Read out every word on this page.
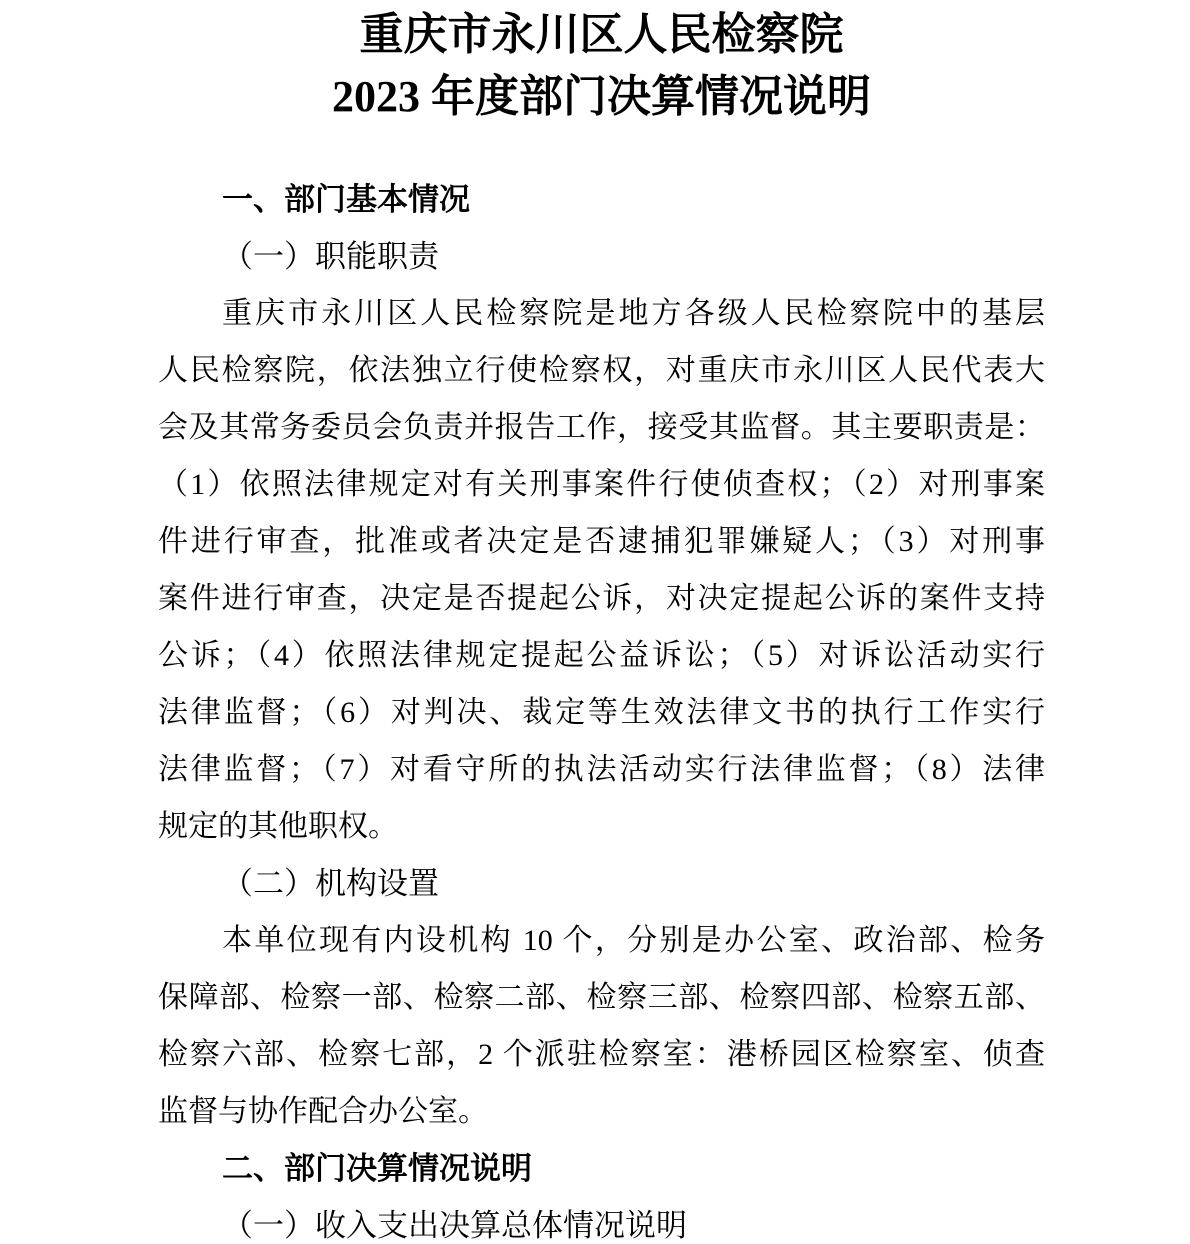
重庆市永川区人民检察院
2023 年度部门决算情况说明
一、部门基本情况
（一）职能职责
重庆市永川区人民检察院是地方各级人民检察院中的基层
人民检察院，依法独立行使检察权，对重庆市永川区人民代表大
会及其常务委员会负责并报告工作，接受其监督。其主要职责是：
（1）依照法律规定对有关刑事案件行使侦查权；（2）对刑事案
件进行审查，批准或者决定是否逮捕犯罪嫌疑人；（3）对刑事
案件进行审查，决定是否提起公诉，对决定提起公诉的案件支持
公诉；（4）依照法律规定提起公益诉讼；（5）对诉讼活动实行
法律监督；（6）对判决、裁定等生效法律文书的执行工作实行
法律监督；（7）对看守所的执法活动实行法律监督；（8）法律
规定的其他职权。
（二）机构设置
本单位现有内设机构 10 个，分别是办公室、政治部、检务
保障部、检察一部、检察二部、检察三部、检察四部、检察五部、
检察六部、检察七部，2 个派驻检察室：港桥园区检察室、侦查
监督与协作配合办公室。
二、部门决算情况说明
（一）收入支出决算总体情况说明
